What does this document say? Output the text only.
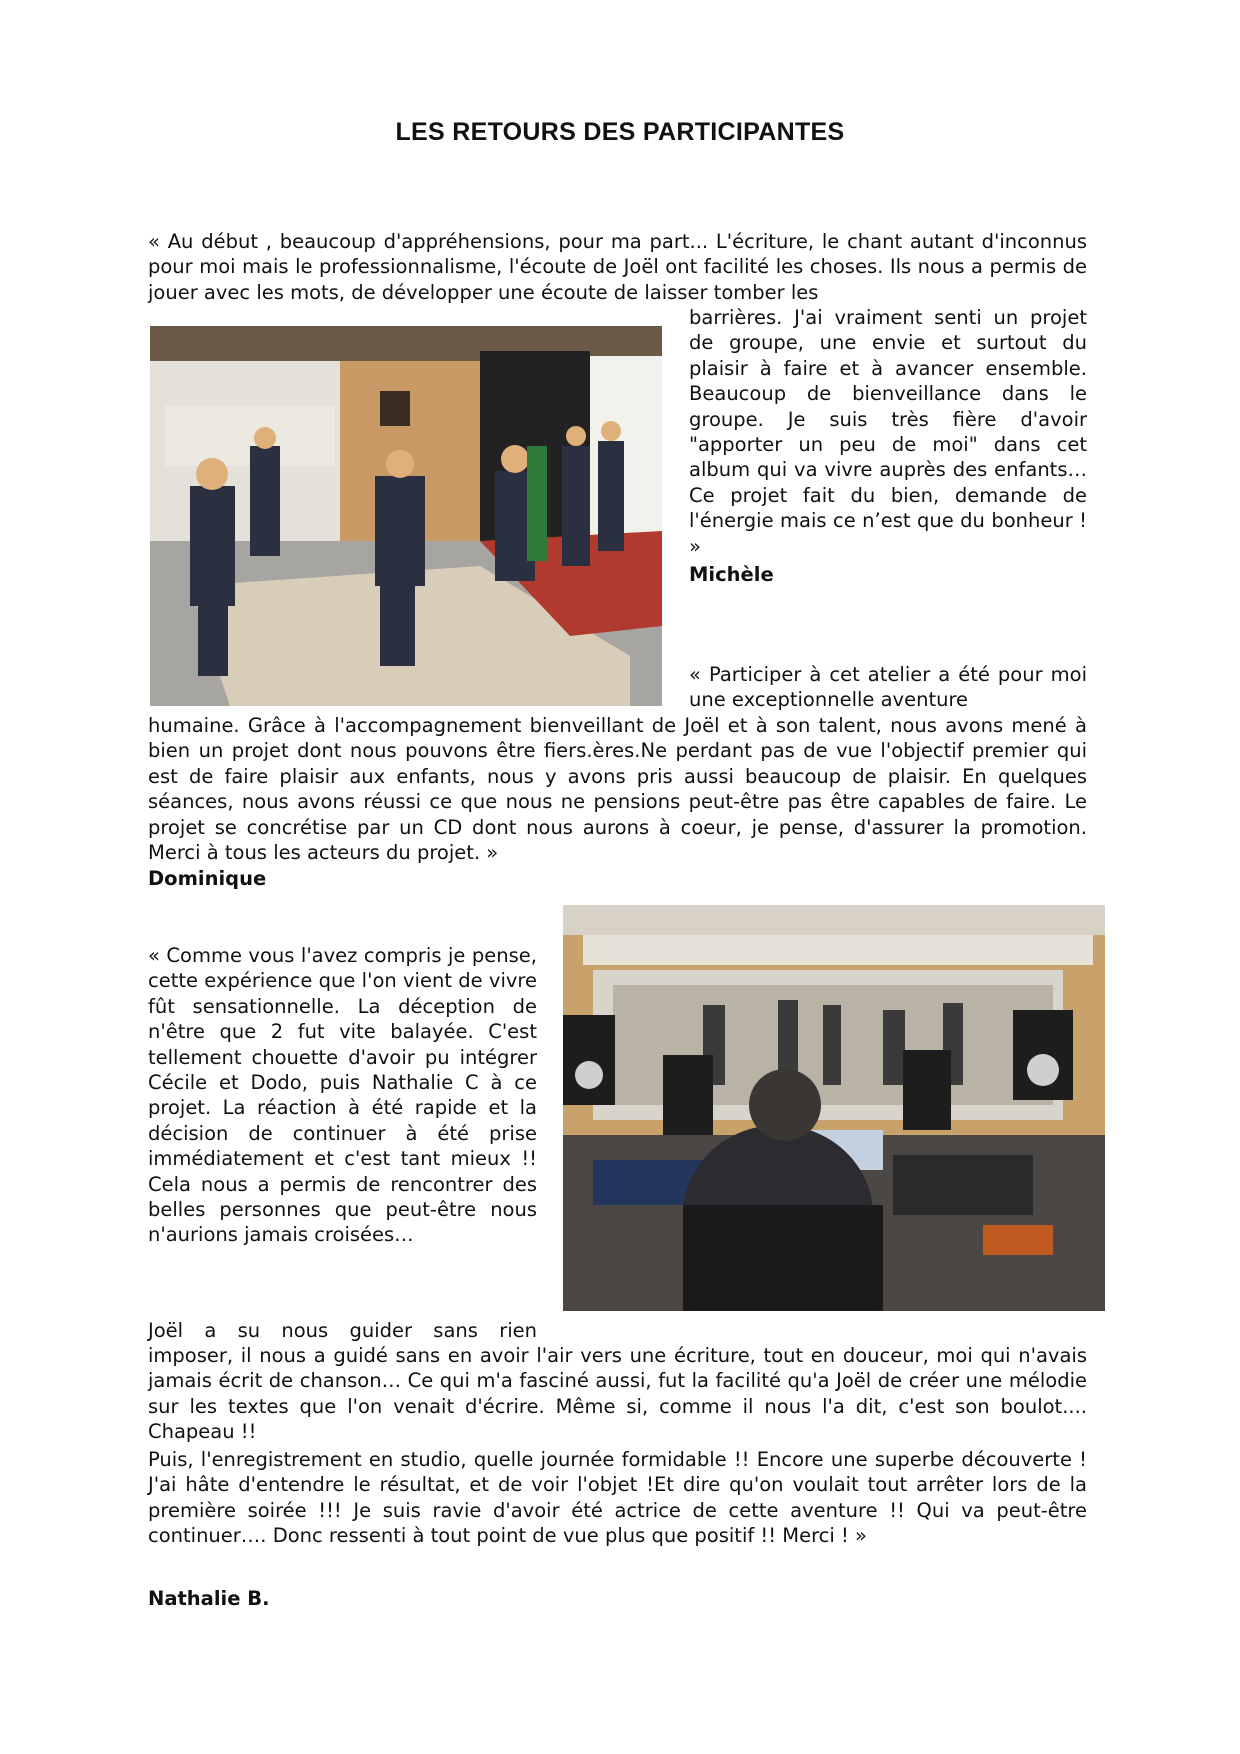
LES RETOURS DES PARTICIPANTES

« Au début , beaucoup d'appréhensions, pour ma part... L'écriture, le chant autant d'inconnus pour moi mais le professionnalisme, l'écoute de Joël ont facilité les choses. Ils nous a permis de jouer avec les mots, de développer une écoute de laisser tomber les

barrières. J'ai vraiment senti un projet de groupe, une envie et surtout du plaisir à faire et à avancer ensemble. Beaucoup de bienveillance dans le groupe. Je suis très fière d'avoir "apporter un peu de moi" dans cet album qui va vivre auprès des enfants… Ce projet fait du bien, demande de l'énergie mais ce n’est que du bonheur ! »

Michèle

« Participer à cet atelier a été pour moi une exceptionnelle aventure

humaine. Grâce à l'accompagnement bienveillant de Joël et à son talent, nous avons mené à bien un projet dont nous pouvons être fiers.ères.Ne perdant pas de vue l'objectif premier qui est de faire plaisir aux enfants, nous y avons pris aussi beaucoup de plaisir. En quelques séances, nous avons réussi ce que nous ne pensions peut-être pas être capables de faire. Le projet se concrétise par un CD dont nous aurons à coeur, je pense, d'assurer la promotion. Merci à tous les acteurs du projet. »

Dominique

« Comme vous l'avez compris je pense, cette expérience que l'on vient de vivre fût sensationnelle. La déception de n'être que 2 fut vite balayée. C'est tellement chouette d'avoir pu intégrer Cécile et Dodo, puis Nathalie C à ce projet. La réaction à été rapide et la décision de continuer à été prise immédiatement et c'est tant mieux !! Cela nous a permis de rencontrer des belles personnes que peut-être nous n'aurions jamais croisées…

Joël a su nous guider sans rien

imposer, il nous a guidé sans en avoir l'air vers une écriture, tout en douceur, moi qui n'avais jamais écrit de chanson… Ce qui m'a fasciné aussi, fut la facilité qu'a Joël de créer une mélodie sur les textes que l'on venait d'écrire. Même si, comme il nous l'a dit, c'est son boulot.... Chapeau !!

Puis, l'enregistrement en studio, quelle journée formidable !! Encore une superbe découverte ! J'ai hâte d'entendre le résultat, et de voir l'objet !Et dire qu'on voulait tout arrêter lors de la première soirée !!! Je suis ravie d'avoir été actrice de cette aventure !! Qui va peut-être continuer…. Donc ressenti à tout point de vue plus que positif !! Merci ! »

Nathalie B.
